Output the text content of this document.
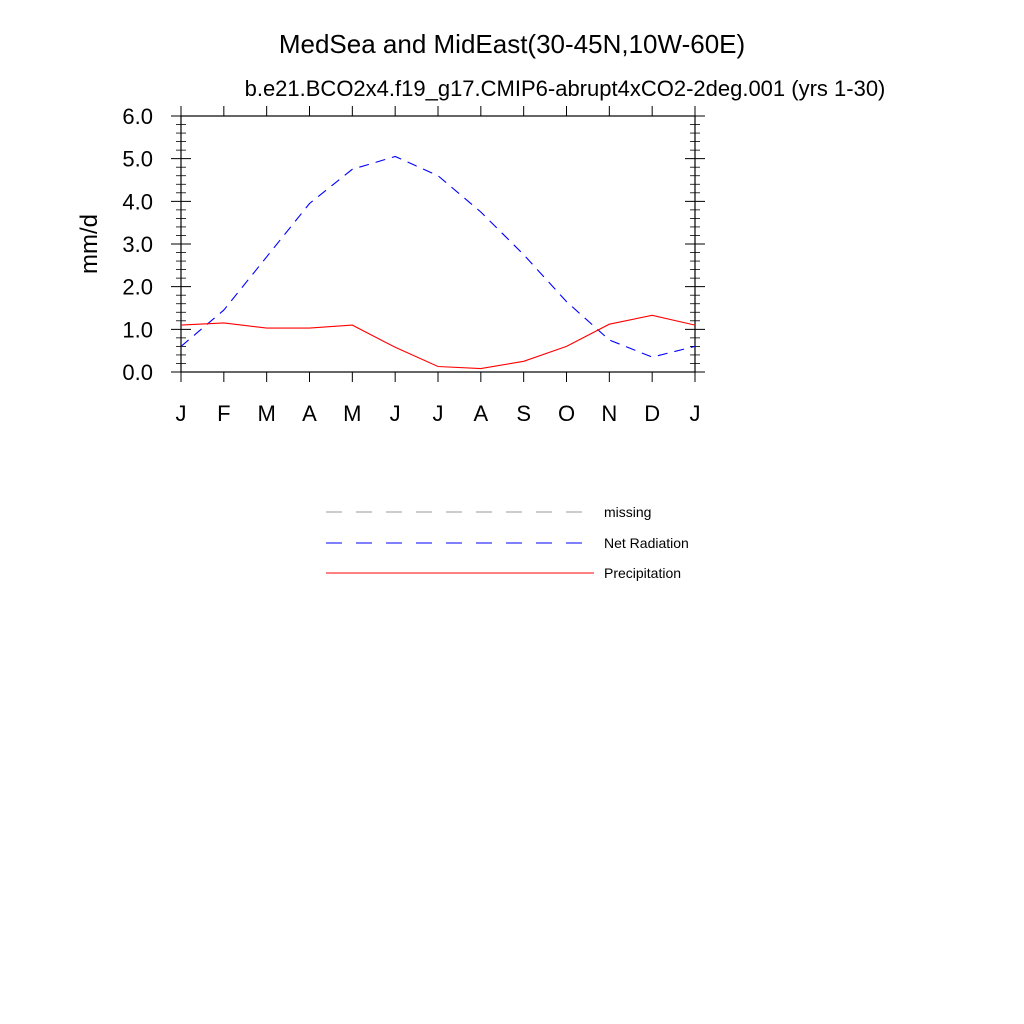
MedSea and MidEast(30-45N,10W-60E)
b.e21.BCO2x4.f19_g17.CMIP6-abrupt4xCO2-2deg.001 (yrs 1-30)
mm/d
0.0
1.0
2.0
3.0
4.0
5.0
6.0
J F M A M J J A S O N D J
missing
Net Radiation
Precipitation
